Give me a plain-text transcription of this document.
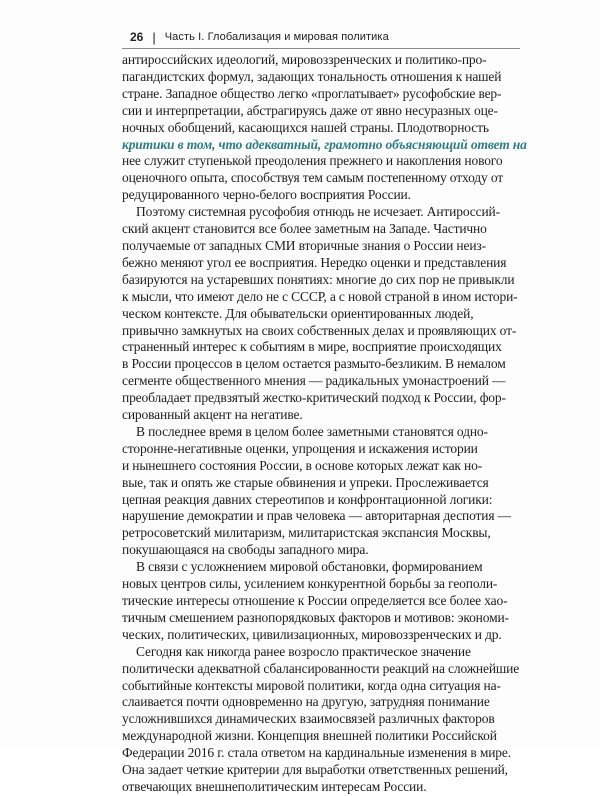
26 | Часть I. Глобализация и мировая политика
антироссийских идеологий, мировоззренческих и политико-про-
пагандистских формул, задающих тональность отношения к нашей
стране. Западное общество легко «проглатывает» русофобские вер-
сии и интерпретации, абстрагируясь даже от явно несуразных оце-
ночных обобщений, касающихся нашей страны. Плодотворность
критики в том, что адекватный, грамотно объясняющий ответ на
нее служит ступенькой преодоления прежнего и накопления нового
оценочного опыта, способствуя тем самым постепенному отходу от
редуцированного черно-белого восприятия России.
Поэтому системная русофобия отнюдь не исчезает. Антироссий-
ский акцент становится все более заметным на Западе. Частично
получаемые от западных СМИ вторичные знания о России неиз-
бежно меняют угол ее восприятия. Нередко оценки и представления
базируются на устаревших понятиях: многие до сих пор не привыкли
к мысли, что имеют дело не с СССР, а с новой страной в ином истори-
ческом контексте. Для обывательски ориентированных людей,
привычно замкнутых на своих собственных делах и проявляющих от-
страненный интерес к событиям в мире, восприятие происходящих
в России процессов в целом остается размыто-безликим. В немалом
сегменте общественного мнения — радикальных умонастроений —
преобладает предвзятый жестко-критический подход к России, фор-
сированный акцент на негативе.
В последнее время в целом более заметными становятся одно-
сторонне-негативные оценки, упрощения и искажения истории
и нынешнего состояния России, в основе которых лежат как но-
вые, так и опять же старые обвинения и упреки. Прослеживается
цепная реакция давних стереотипов и конфронтационной логики:
нарушение демократии и прав человека — авторитарная деспотия —
ретросоветский милитаризм, милитаристская экспансия Москвы,
покушающаяся на свободы западного мира.
В связи с усложнением мировой обстановки, формированием
новых центров силы, усилением конкурентной борьбы за геополи-
тические интересы отношение к России определяется все более хао-
тичным смешением разнопорядковых факторов и мотивов: экономи-
ческих, политических, цивилизационных, мировоззренческих и др.
Сегодня как никогда ранее возросло практическое значение
политически адекватной сбалансированности реакций на сложнейшие
событийные контексты мировой политики, когда одна ситуация на-
слаивается почти одновременно на другую, затрудняя понимание
усложнившихся динамических взаимосвязей различных факторов
международной жизни. Концепция внешней политики Российской
Федерации 2016 г. стала ответом на кардинальные изменения в мире.
Она задает четкие критерии для выработки ответственных решений,
отвечающих внешнеполитическим интересам России.
